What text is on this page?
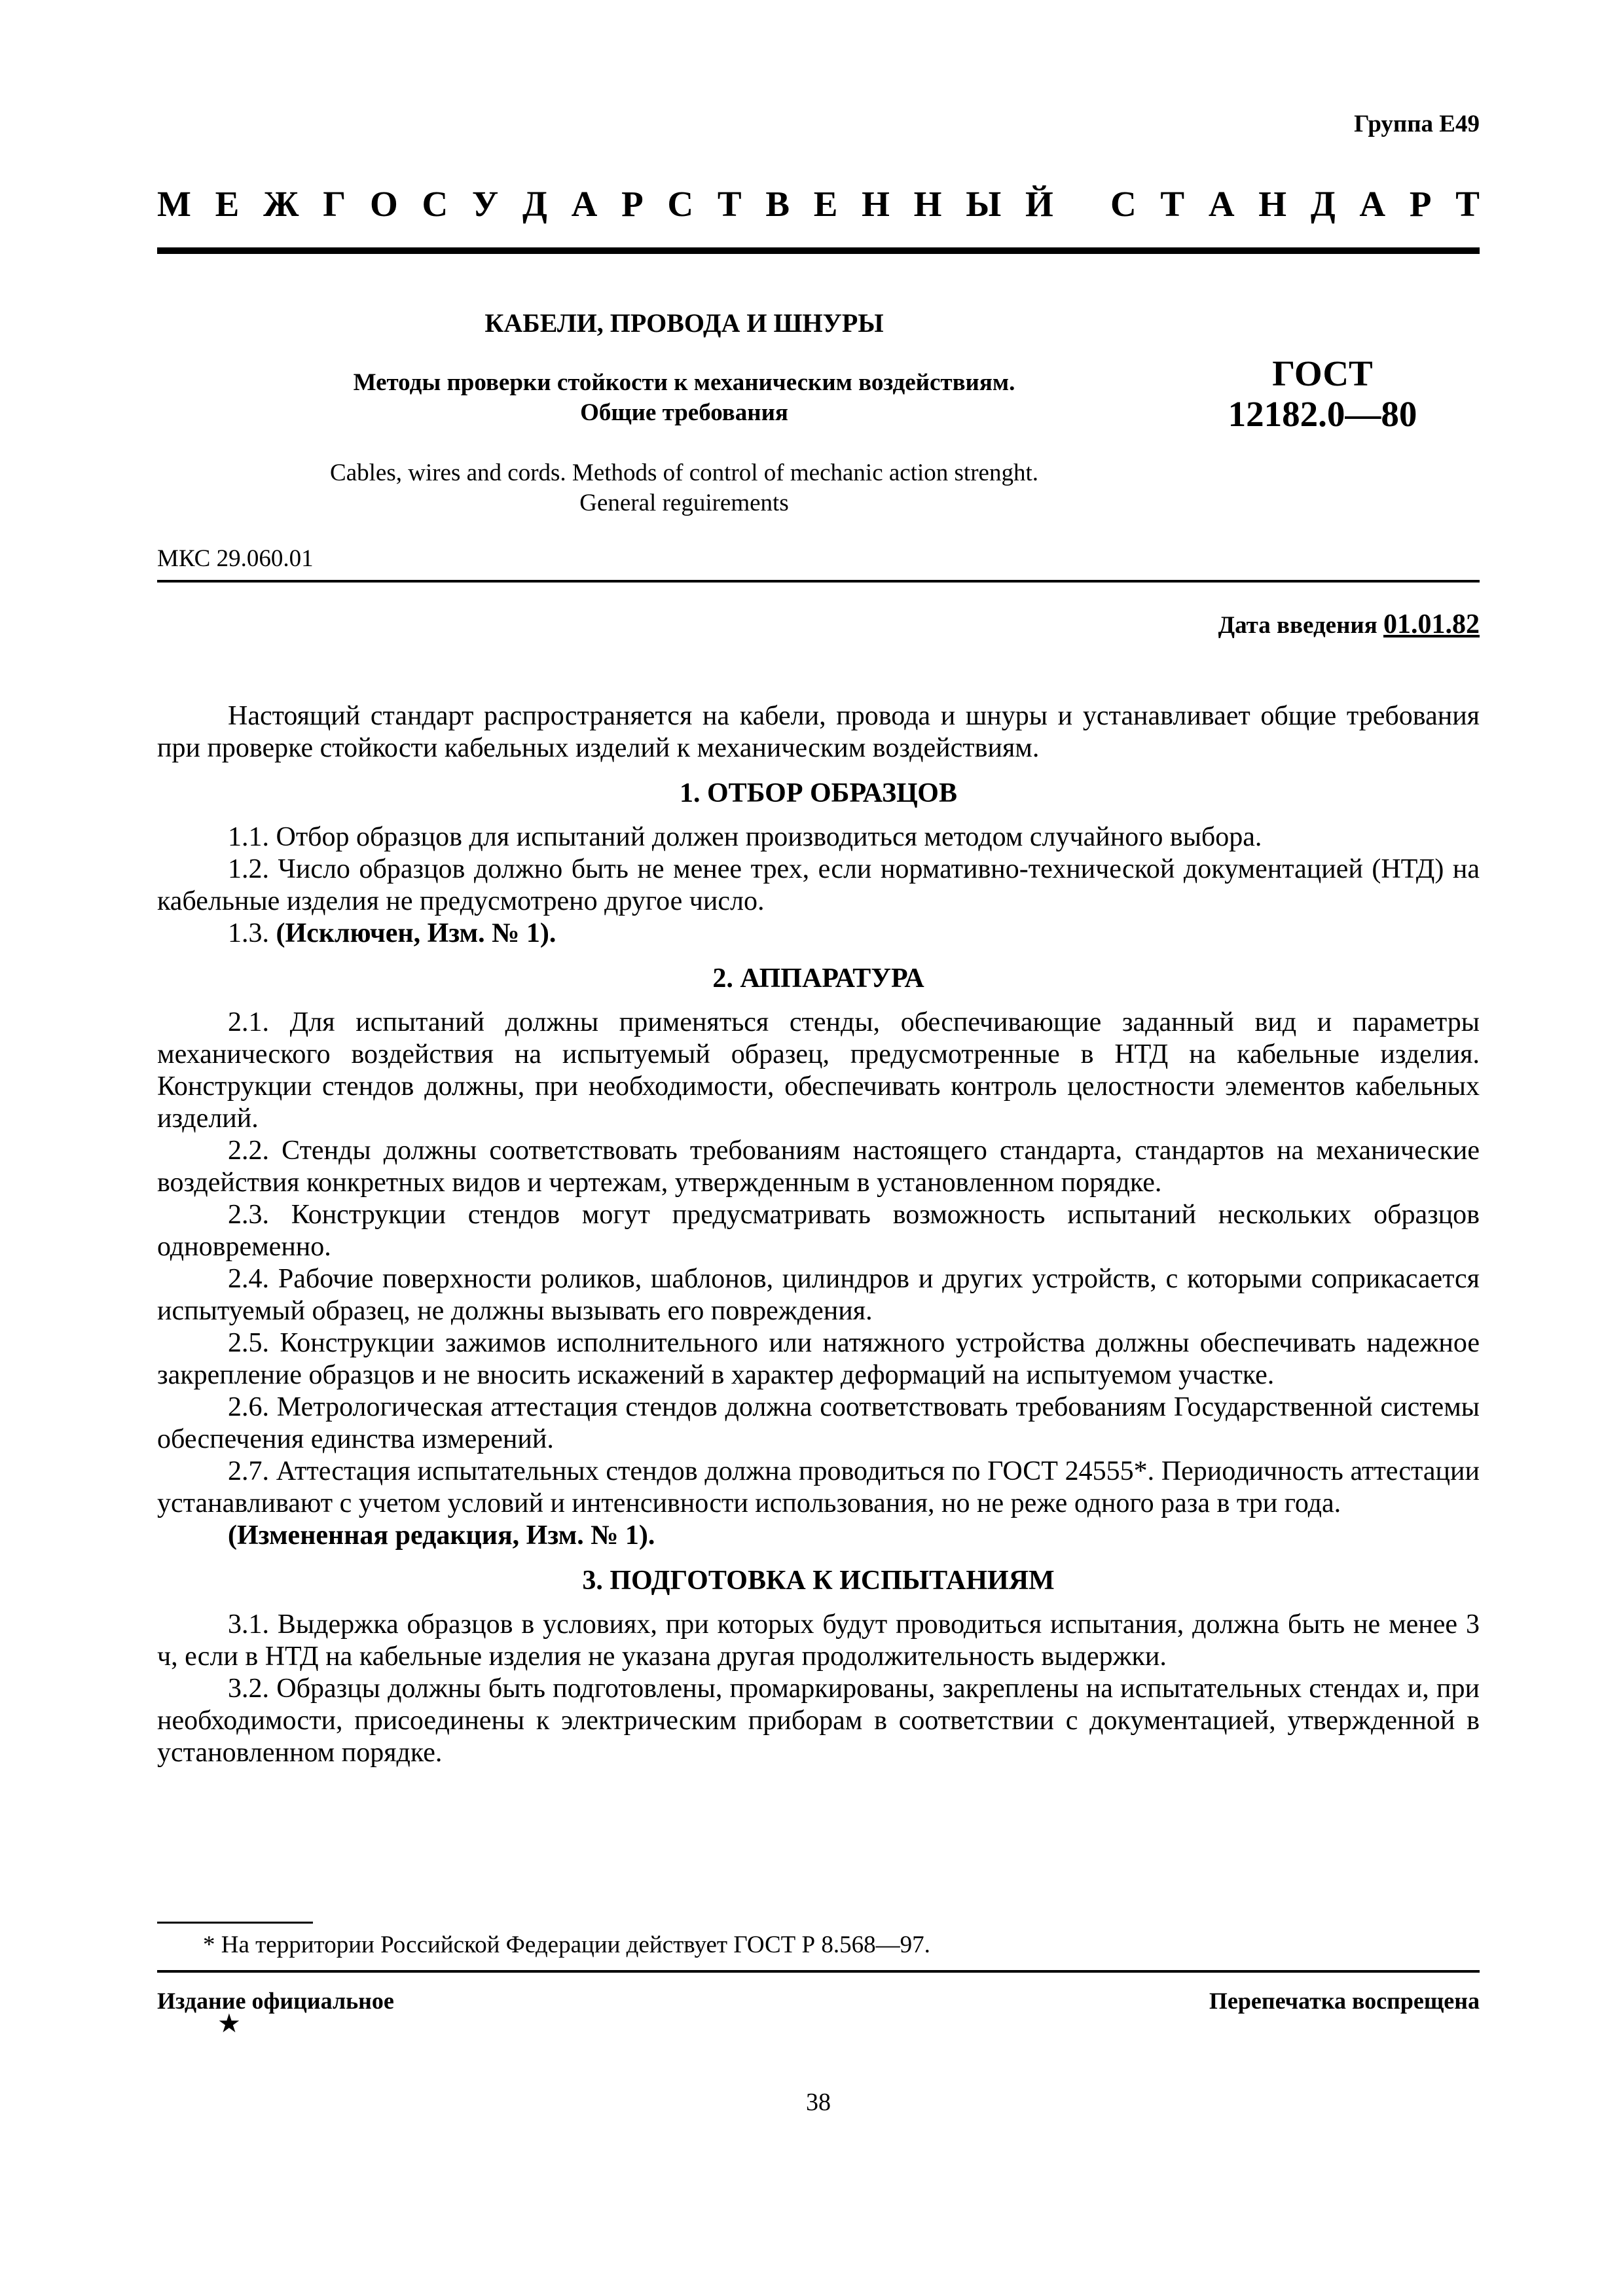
Группа Е49
М Е Ж Г О С У Д А Р С Т В Е Н Н Ы Й
С Т А Н Д А Р Т
КАБЕЛИ, ПРОВОДА И ШНУРЫ
Методы проверки стойкости к механическим воздействиям.
Общие требования
ГОСТ
12182.0—80
Cables, wires and cords. Methods of control of mechanic action strenght.
General reguirements
МКС 29.060.01
Дата введения 01.01.82

Настоящий стандарт распространяется на кабели, провода и шнуры и устанавливает общие требования при проверке стойкости кабельных изделий к механическим воздействиям.

1. ОТБОР ОБРАЗЦОВ

1.1. Отбор образцов для испытаний должен производиться методом случайного выбора.

1.2. Число образцов должно быть не менее трех, если нормативно-технической документацией (НТД) на кабельные изделия не предусмотрено другое число.

1.3. (Исключен, Изм. № 1).

2. АППАРАТУРА

2.1. Для испытаний должны применяться стенды, обеспечивающие заданный вид и параметры механического воздействия на испытуемый образец, предусмотренные в НТД на кабельные изделия. Конструкции стендов должны, при необходимости, обеспечивать контроль целостности элементов кабельных изделий.

2.2. Стенды должны соответствовать требованиям настоящего стандарта, стандартов на механические воздействия конкретных видов и чертежам, утвержденным в установленном порядке.

2.3. Конструкции стендов могут предусматривать возможность испытаний нескольких образцов одновременно.

2.4. Рабочие поверхности роликов, шаблонов, цилиндров и других устройств, с которыми соприкасается испытуемый образец, не должны вызывать его повреждения.

2.5. Конструкции зажимов исполнительного или натяжного устройства должны обеспечивать надежное закрепление образцов и не вносить искажений в характер деформаций на испытуемом участке.

2.6. Метрологическая аттестация стендов должна соответствовать требованиям Государственной системы обеспечения единства измерений.

2.7. Аттестация испытательных стендов должна проводиться по ГОСТ 24555*. Периодичность аттестации устанавливают с учетом условий и интенсивности использования, но не реже одного раза в три года.

(Измененная редакция, Изм. № 1).

3. ПОДГОТОВКА К ИСПЫТАНИЯМ

3.1. Выдержка образцов в условиях, при которых будут проводиться испытания, должна быть не менее 3 ч, если в НТД на кабельные изделия не указана другая продолжительность выдержки.

3.2. Образцы должны быть подготовлены, промаркированы, закреплены на испытательных стендах и, при необходимости, присоединены к электрическим приборам в соответствии с документацией, утвержденной в установленном порядке.

* На территории Российской Федерации действует ГОСТ Р 8.568—97.
Издание официальное
★
Перепечатка воспрещена
38
